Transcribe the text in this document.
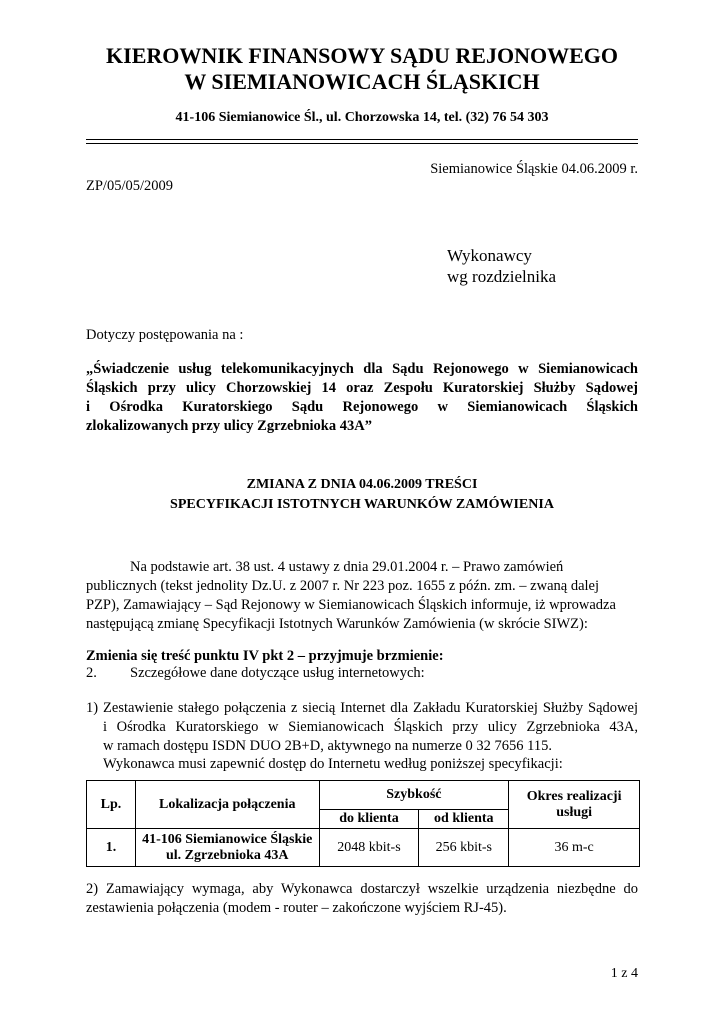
KIEROWNIK FINANSOWY SĄDU REJONOWEGO
W SIEMIANOWICACH ŚLĄSKICH
41-106 Siemianowice Śl., ul. Chorzowska 14, tel. (32) 76 54 303
Siemianowice Śląskie 04.06.2009 r.
ZP/05/05/2009
Wykonawcy
wg rozdzielnika
Dotyczy postępowania na :
„Świadczenie usług telekomunikacyjnych dla Sądu Rejonowego w Siemianowicach
Śląskich przy ulicy Chorzowskiej 14 oraz Zespołu Kuratorskiej Służby Sądowej
i Ośrodka Kuratorskiego Sądu Rejonowego w Siemianowicach Śląskich
zlokalizowanych przy ulicy Zgrzebnioka 43A”
ZMIANA Z DNIA 04.06.2009 TREŚCI
SPECYFIKACJI ISTOTNYCH WARUNKÓW ZAMÓWIENIA
Na podstawie art. 38 ust. 4 ustawy z dnia 29.01.2004 r. – Prawo zamówień
publicznych (tekst jednolity Dz.U. z 2007 r. Nr 223 poz. 1655 z późn. zm. – zwaną dalej
PZP), Zamawiający – Sąd Rejonowy w Siemianowicach Śląskich informuje, iż wprowadza
następującą zmianę Specyfikacji Istotnych Warunków Zamówienia (w skrócie SIWZ):
Zmienia się treść punktu IV pkt 2 – przyjmuje brzmienie:
2. Szczegółowe dane dotyczące usług internetowych:
1) Zestawienie stałego połączenia z siecią Internet dla Zakładu Kuratorskiej Służby Sądowej
i Ośrodka Kuratorskiego w Siemianowicach Śląskich przy ulicy Zgrzebnioka 43A,
w ramach dostępu ISDN DUO 2B+D, aktywnego na numerze 0 32 7656 115.
Wykonawca musi zapewnić dostęp do Internetu według poniższej specyfikacji:
Lp.	Lokalizacja połączenia	Szybkość		Okres realizacji
usługi

		do klienta	od klienta	
1.	41-106 Siemianowice Śląskie
ul. Zgrzebnioka 43A	2048 kbit-s	256 kbit-s	36 m-c
2) Zamawiający wymaga, aby Wykonawca dostarczył wszelkie urządzenia niezbędne do
zestawienia połączenia (modem - router – zakończone wyjściem RJ-45).
1 z 4
